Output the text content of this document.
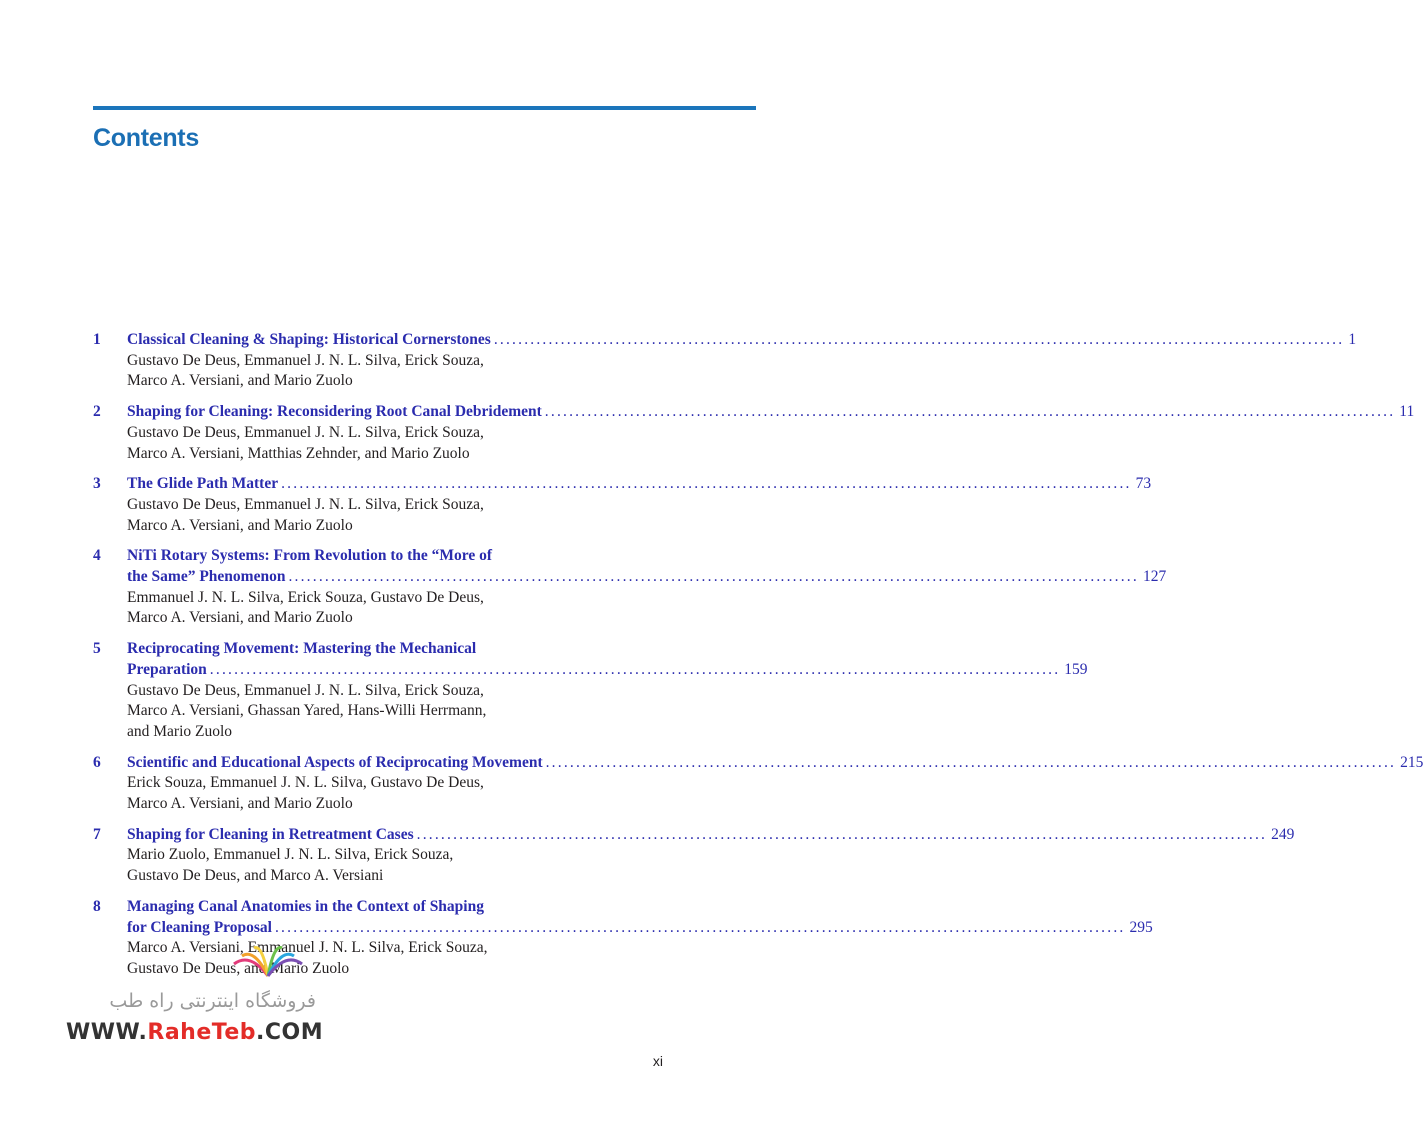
Contents
1	Classical Cleaning & Shaping: Historical Cornerstones ............................................................................................................................................ 1
Gustavo De Deus, Emmanuel J. N. L. Silva, Erick Souza,
Marco A. Versiani, and Mario Zuolo
2	Shaping for Cleaning: Reconsidering Root Canal Debridement ............................................................................................................................................ 11
Gustavo De Deus, Emmanuel J. N. L. Silva, Erick Souza,
Marco A. Versiani, Matthias Zehnder, and Mario Zuolo
3	The Glide Path Matter ............................................................................................................................................ 73
Gustavo De Deus, Emmanuel J. N. L. Silva, Erick Souza,
Marco A. Versiani, and Mario Zuolo
4	NiTi Rotary Systems: From Revolution to the “More of
the Same” Phenomenon ............................................................................................................................................ 127
Emmanuel J. N. L. Silva, Erick Souza, Gustavo De Deus,
Marco A. Versiani, and Mario Zuolo
5	Reciprocating Movement: Mastering the Mechanical
Preparation ............................................................................................................................................ 159
Gustavo De Deus, Emmanuel J. N. L. Silva, Erick Souza,
Marco A. Versiani, Ghassan Yared, Hans-Willi Herrmann,
and Mario Zuolo
6	Scientific and Educational Aspects of Reciprocating Movement ............................................................................................................................................ 215
Erick Souza, Emmanuel J. N. L. Silva, Gustavo De Deus,
Marco A. Versiani, and Mario Zuolo
7	Shaping for Cleaning in Retreatment Cases ............................................................................................................................................ 249
Mario Zuolo, Emmanuel J. N. L. Silva, Erick Souza,
Gustavo De Deus, and Marco A. Versiani
8	Managing Canal Anatomies in the Context of Shaping
for Cleaning Proposal ............................................................................................................................................ 295
Marco A. Versiani, Emmanuel J. N. L. Silva, Erick Souza,
Gustavo De Deus, and Mario Zuolo
فروشگاه اینترنتی راه طب
WWW.RaheTeb.COM
xi
